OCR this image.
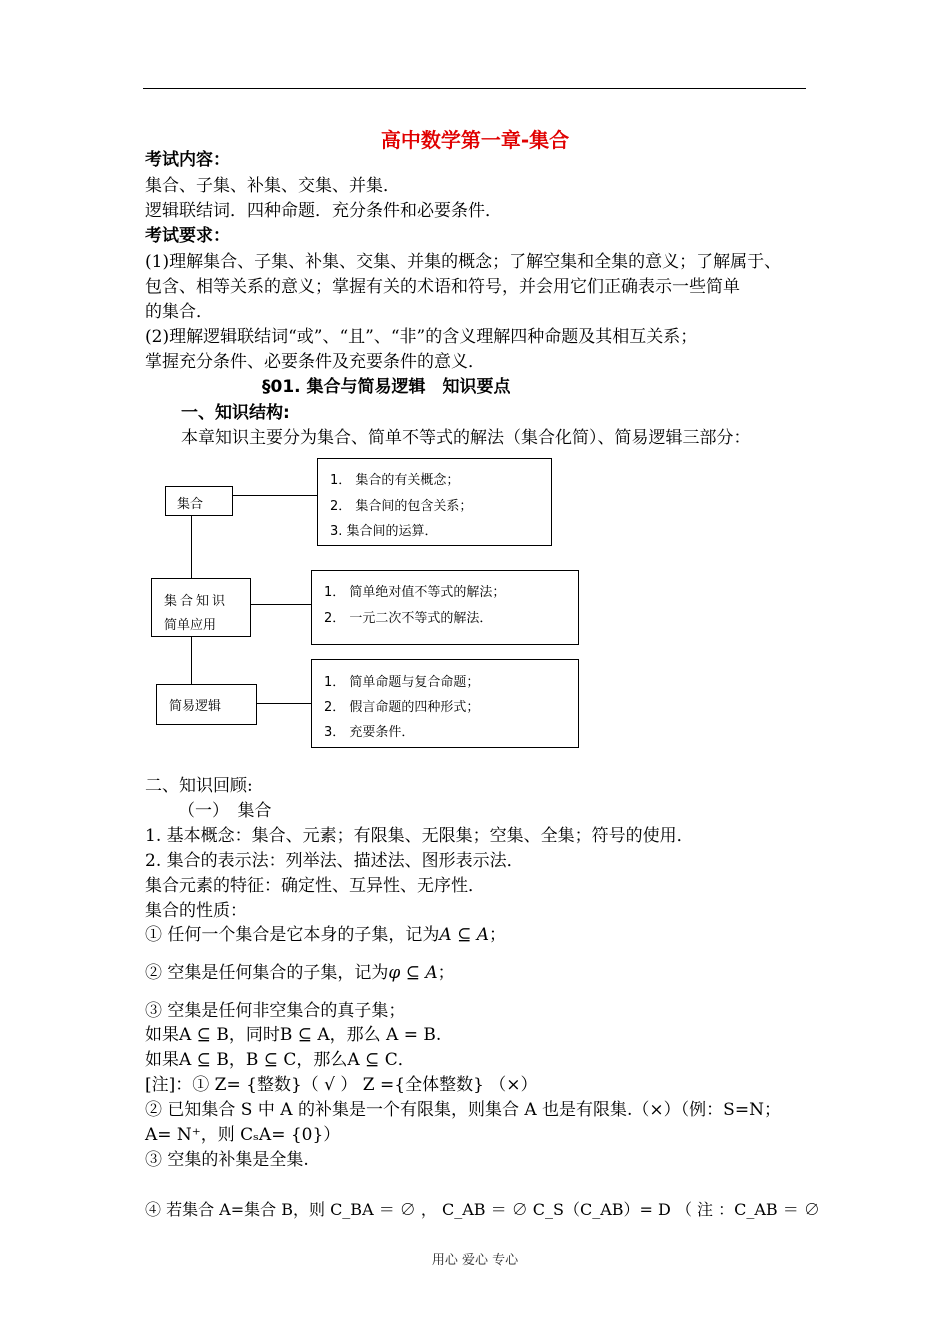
高中数学第一章-集合
考试内容：
集合、子集、补集、交集、并集．
逻辑联结词．四种命题．充分条件和必要条件．
考试要求：
(1)理解集合、子集、补集、交集、并集的概念；了解空集和全集的意义；了解属于、
包含、相等关系的意义；掌握有关的术语和符号，并会用它们正确表示一些简单
的集合．
(2)理解逻辑联结词“或”、“且”、“非”的含义理解四种命题及其相互关系；
掌握充分条件、必要条件及充要条件的意义．
§01. 集合与简易逻辑　知识要点
一、知识结构:
本章知识主要分为集合、简单不等式的解法（集合化简）、简易逻辑三部分：
集合
集合知识
简单应用
简易逻辑
1． 集合的有关概念；
2． 集合间的包含关系；
3. 集合间的运算．
1． 简单绝对值不等式的解法；
2． 一元二次不等式的解法．
1． 简单命题与复合命题；
2． 假言命题的四种形式；
3． 充要条件．
二、知识回顾:
（一）　集合
1. 基本概念：集合、元素；有限集、无限集；空集、全集；符号的使用．
2. 集合的表示法：列举法、描述法、图形表示法．
集合元素的特征：确定性、互异性、无序性．
集合的性质：
① 任何一个集合是它本身的子集，记为A ⊆ A；
② 空集是任何集合的子集，记为φ ⊆ A；
③ 空集是任何非空集合的真子集；
如果A ⊆ B，同时B ⊆ A，那么 A = B.
如果A ⊆ B，B ⊆ C，那么A ⊆ C．
[注]：① Z= {整数}（ √ ） Z ={全体整数} （×）
② 已知集合 S 中 A 的补集是一个有限集，则集合 A 也是有限集.（×）（例：S=N；
A= N⁺，则 CₛA= {0}）
③ 空集的补集是全集.
④ 若集合 A=集合 B，则 C_BA ＝ ∅ ， C_AB ＝ ∅ C_S（C_AB）= D （ 注 ：C_AB ＝ ∅
用心 爱心 专心
